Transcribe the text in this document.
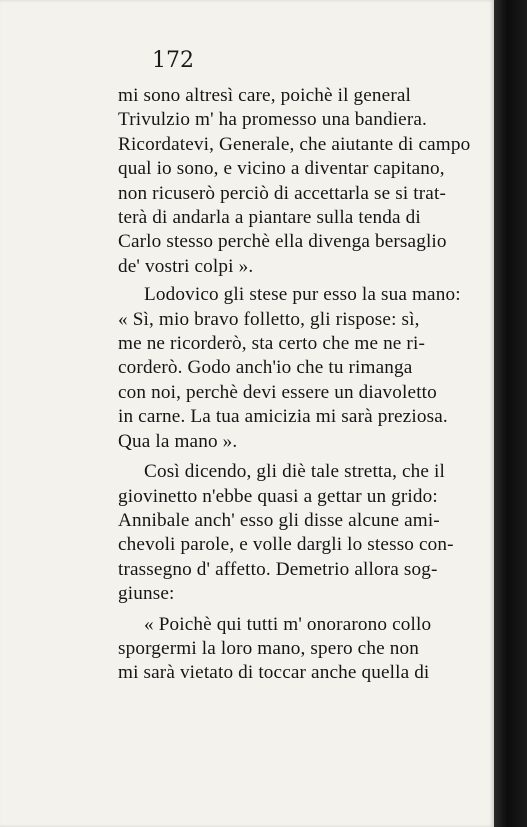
172
mi sono altresì care, poichè il general
Trivulzio m' ha promesso una bandiera.
Ricordatevi, Generale, che aiutante di campo
qual io sono, e vicino a diventar capitano,
non ricuserò perciò di accettarla se si trat-
terà di andarla a piantare sulla tenda di
Carlo stesso perchè ella divenga bersaglio
de' vostri colpi ».
Lodovico gli stese pur esso la sua mano:
« Sì, mio bravo folletto, gli rispose: sì,
me ne ricorderò, sta certo che me ne ri-
corderò. Godo anch'io che tu rimanga
con noi, perchè devi essere un diavoletto
in carne. La tua amicizia mi sarà preziosa.
Qua la mano ».
Così dicendo, gli diè tale stretta, che il
giovinetto n'ebbe quasi a gettar un grido:
Annibale anch' esso gli disse alcune ami-
chevoli parole, e volle dargli lo stesso con-
trassegno d' affetto. Demetrio allora sog-
giunse:
« Poichè qui tutti m' onorarono collo
sporgermi la loro mano, spero che non
mi sarà vietato di toccar anche quella di
